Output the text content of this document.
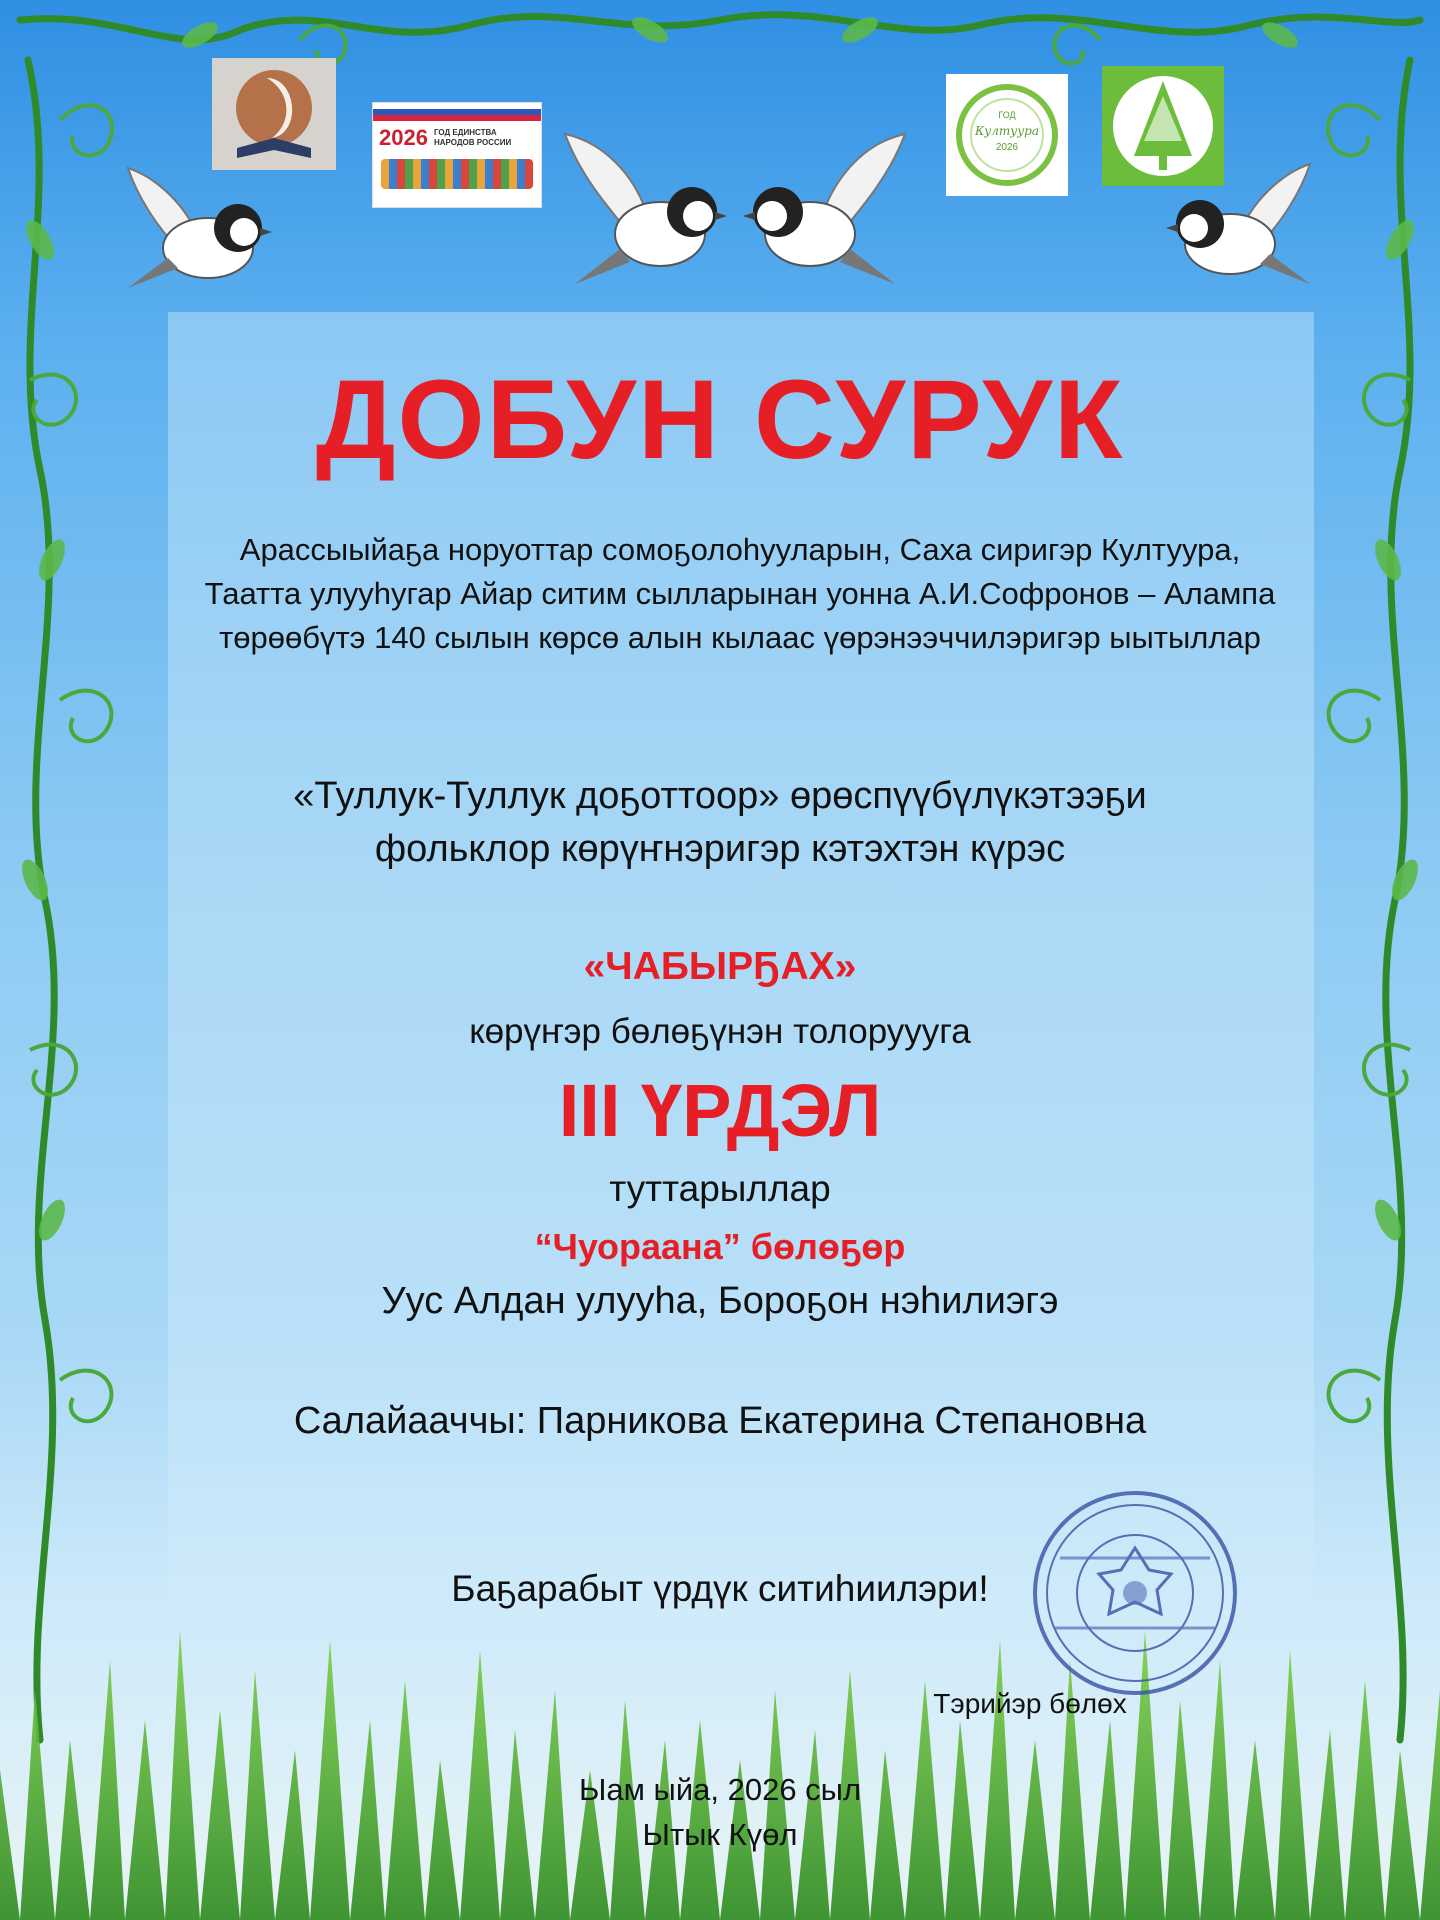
2026 ГОД ЕДИНСТВА НАРОДОВ РОССИИ
ГОД
Култуура
2026
ДОБУН СУРУК

Арассыыйаҕа норуоттар сомоҕолоһууларын, Саха сиригэр Култуура, Таатта улууһугар Айар ситим сылларынан уонна А.И.Софронов – Алампа төрөөбүтэ 140 сылын көрсө алын кылаас үөрэнээччилэригэр ыытыллар

«Туллук-Туллук доҕоттоор» өрөспүүбүлүкэтээҕи
фольклор көрүҥнэригэр кэтэхтэн күрэс

«ЧАБЫРҔАХ»

көрүҥэр бөлөҕүнэн толоруууга

III ҮРДЭЛ

туттарыллар

“Чуораана” бөлөҕөр

Уус Алдан улууһа, Бороҕон нэһилиэгэ

Салайааччы: Парникова Екатерина Степановна

Баҕарабыт үрдүк ситиһиилэри!

Тэрийэр бөлөх

Ыам ыйа, 2026 сыл

Ытык Күөл
